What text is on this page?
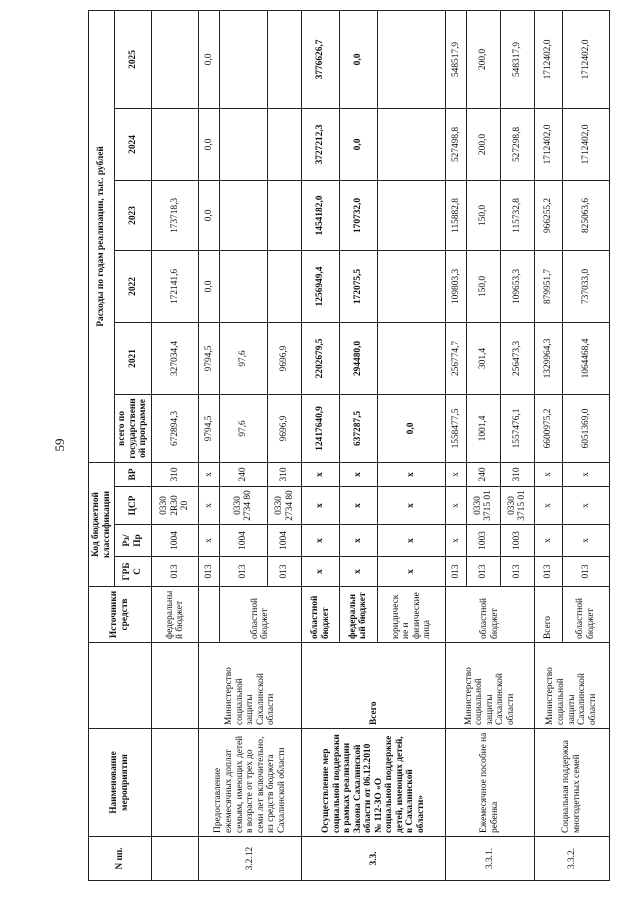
59
N пп.	Наименование мероприятия		Источники средств	Код бюджетной классификации				Расходы по годам реализации, тыс. рублей					
				ГРБС	Рз/ Пр	ЦСР	ВР	всего по государственной программе	2021	2022	2023	2024	2025
			федеральный бюджет	013	1004	0330 2R30 20	310	672894,3	327034,4	172141,6	173718,3		
3.2.12	Предоставление ежемесячных доплат семьям, имеющих детей в возрасте от трех до семи лет включительно, из средств бюджета Сахалинской области	Министерство социальной защиты Сахалинской области		013	x	x	x	9794,5	9794,5	0,0	0,0	0,0	0,0
			областной бюджет	013	1004	0330 2734 80	240	97,6	97,6				
				013	1004	0330 2734 80	310	9696,9	9696,9				
3.3.	Осуществление мер социальной поддержки в рамках реализации Закона Сахалинской области от 06.12.2010 № 112-ЗО «О социальной поддержке детей, имеющих детей, в Сахалинской области»	Всего	областной бюджет	x	x	x	x	12417640,9	2202679,5	1256949,4	1454182,0	3727212,3	3776626,7
			федеральный бюджет	x	x	x	x	637287,5	294480,0	172075,5	170732,0	0,0	0,0
			юридические и физические лица	x	x	x	x	0,0					
3.3.1.	Ежемесячное пособие на ребенка	Министерство социальной защиты Сахалинской области	областной бюджет	013	x	x	x	1558477,5	256774,7	109803,3	115882,8	527498,8	548517,9
				013	1003	0330 3715 01	240	1001,4	301,4	150,0	150,0	200,0	200,0
				013	1003	0330 3715 01	310	1557476,1	256473,3	109653,3	115732,8	527298,8	548317,9
3.3.2.	Социальная поддержка многодетных семей	Министерство социальной защиты Сахалинской области	Всего	013	x	x	x	6600975,2	1329964,3	879951,7	966255,2	1712402,0	1712402,0
			областной бюджет	013	x	x	x	6051369,0	1064468,4	737033,0	825063,6	1712402,0	1712402,0
